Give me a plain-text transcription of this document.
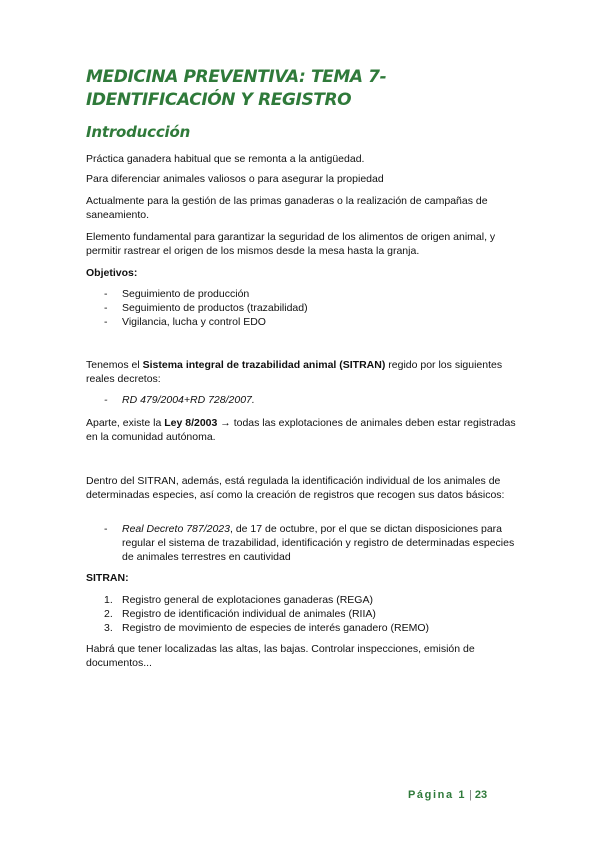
MEDICINA PREVENTIVA: TEMA 7-IDENTIFICACIÓN Y REGISTRO
Introducción
Práctica ganadera habitual que se remonta a la antigüedad.
Para diferenciar animales valiosos o para asegurar la propiedad
Actualmente para la gestión de las primas ganaderas o la realización de campañas de saneamiento.
Elemento fundamental para garantizar la seguridad de los alimentos de origen animal, y permitir rastrear el origen de los mismos desde la mesa hasta la granja.
Objetivos:
- Seguimiento de producción
- Seguimiento de productos (trazabilidad)
- Vigilancia, lucha y control EDO
Tenemos el Sistema integral de trazabilidad animal (SITRAN) regido por los siguientes reales decretos:
- RD 479/2004+RD 728/2007.
Aparte, existe la Ley 8/2003 → todas las explotaciones de animales deben estar registradas en la comunidad autónoma.
Dentro del SITRAN, además, está regulada la identificación individual de los animales de determinadas especies, así como la creación de registros que recogen sus datos básicos:
- Real Decreto 787/2023, de 17 de octubre, por el que se dictan disposiciones para regular el sistema de trazabilidad, identificación y registro de determinadas especies de animales terrestres en cautividad
SITRAN:
1. Registro general de explotaciones ganaderas (REGA)
2. Registro de identificación individual de animales (RIIA)
3. Registro de movimiento de especies de interés ganadero (REMO)
Habrá que tener localizadas las altas, las bajas. Controlar inspecciones, emisión de documentos...
Página 1 | 23
